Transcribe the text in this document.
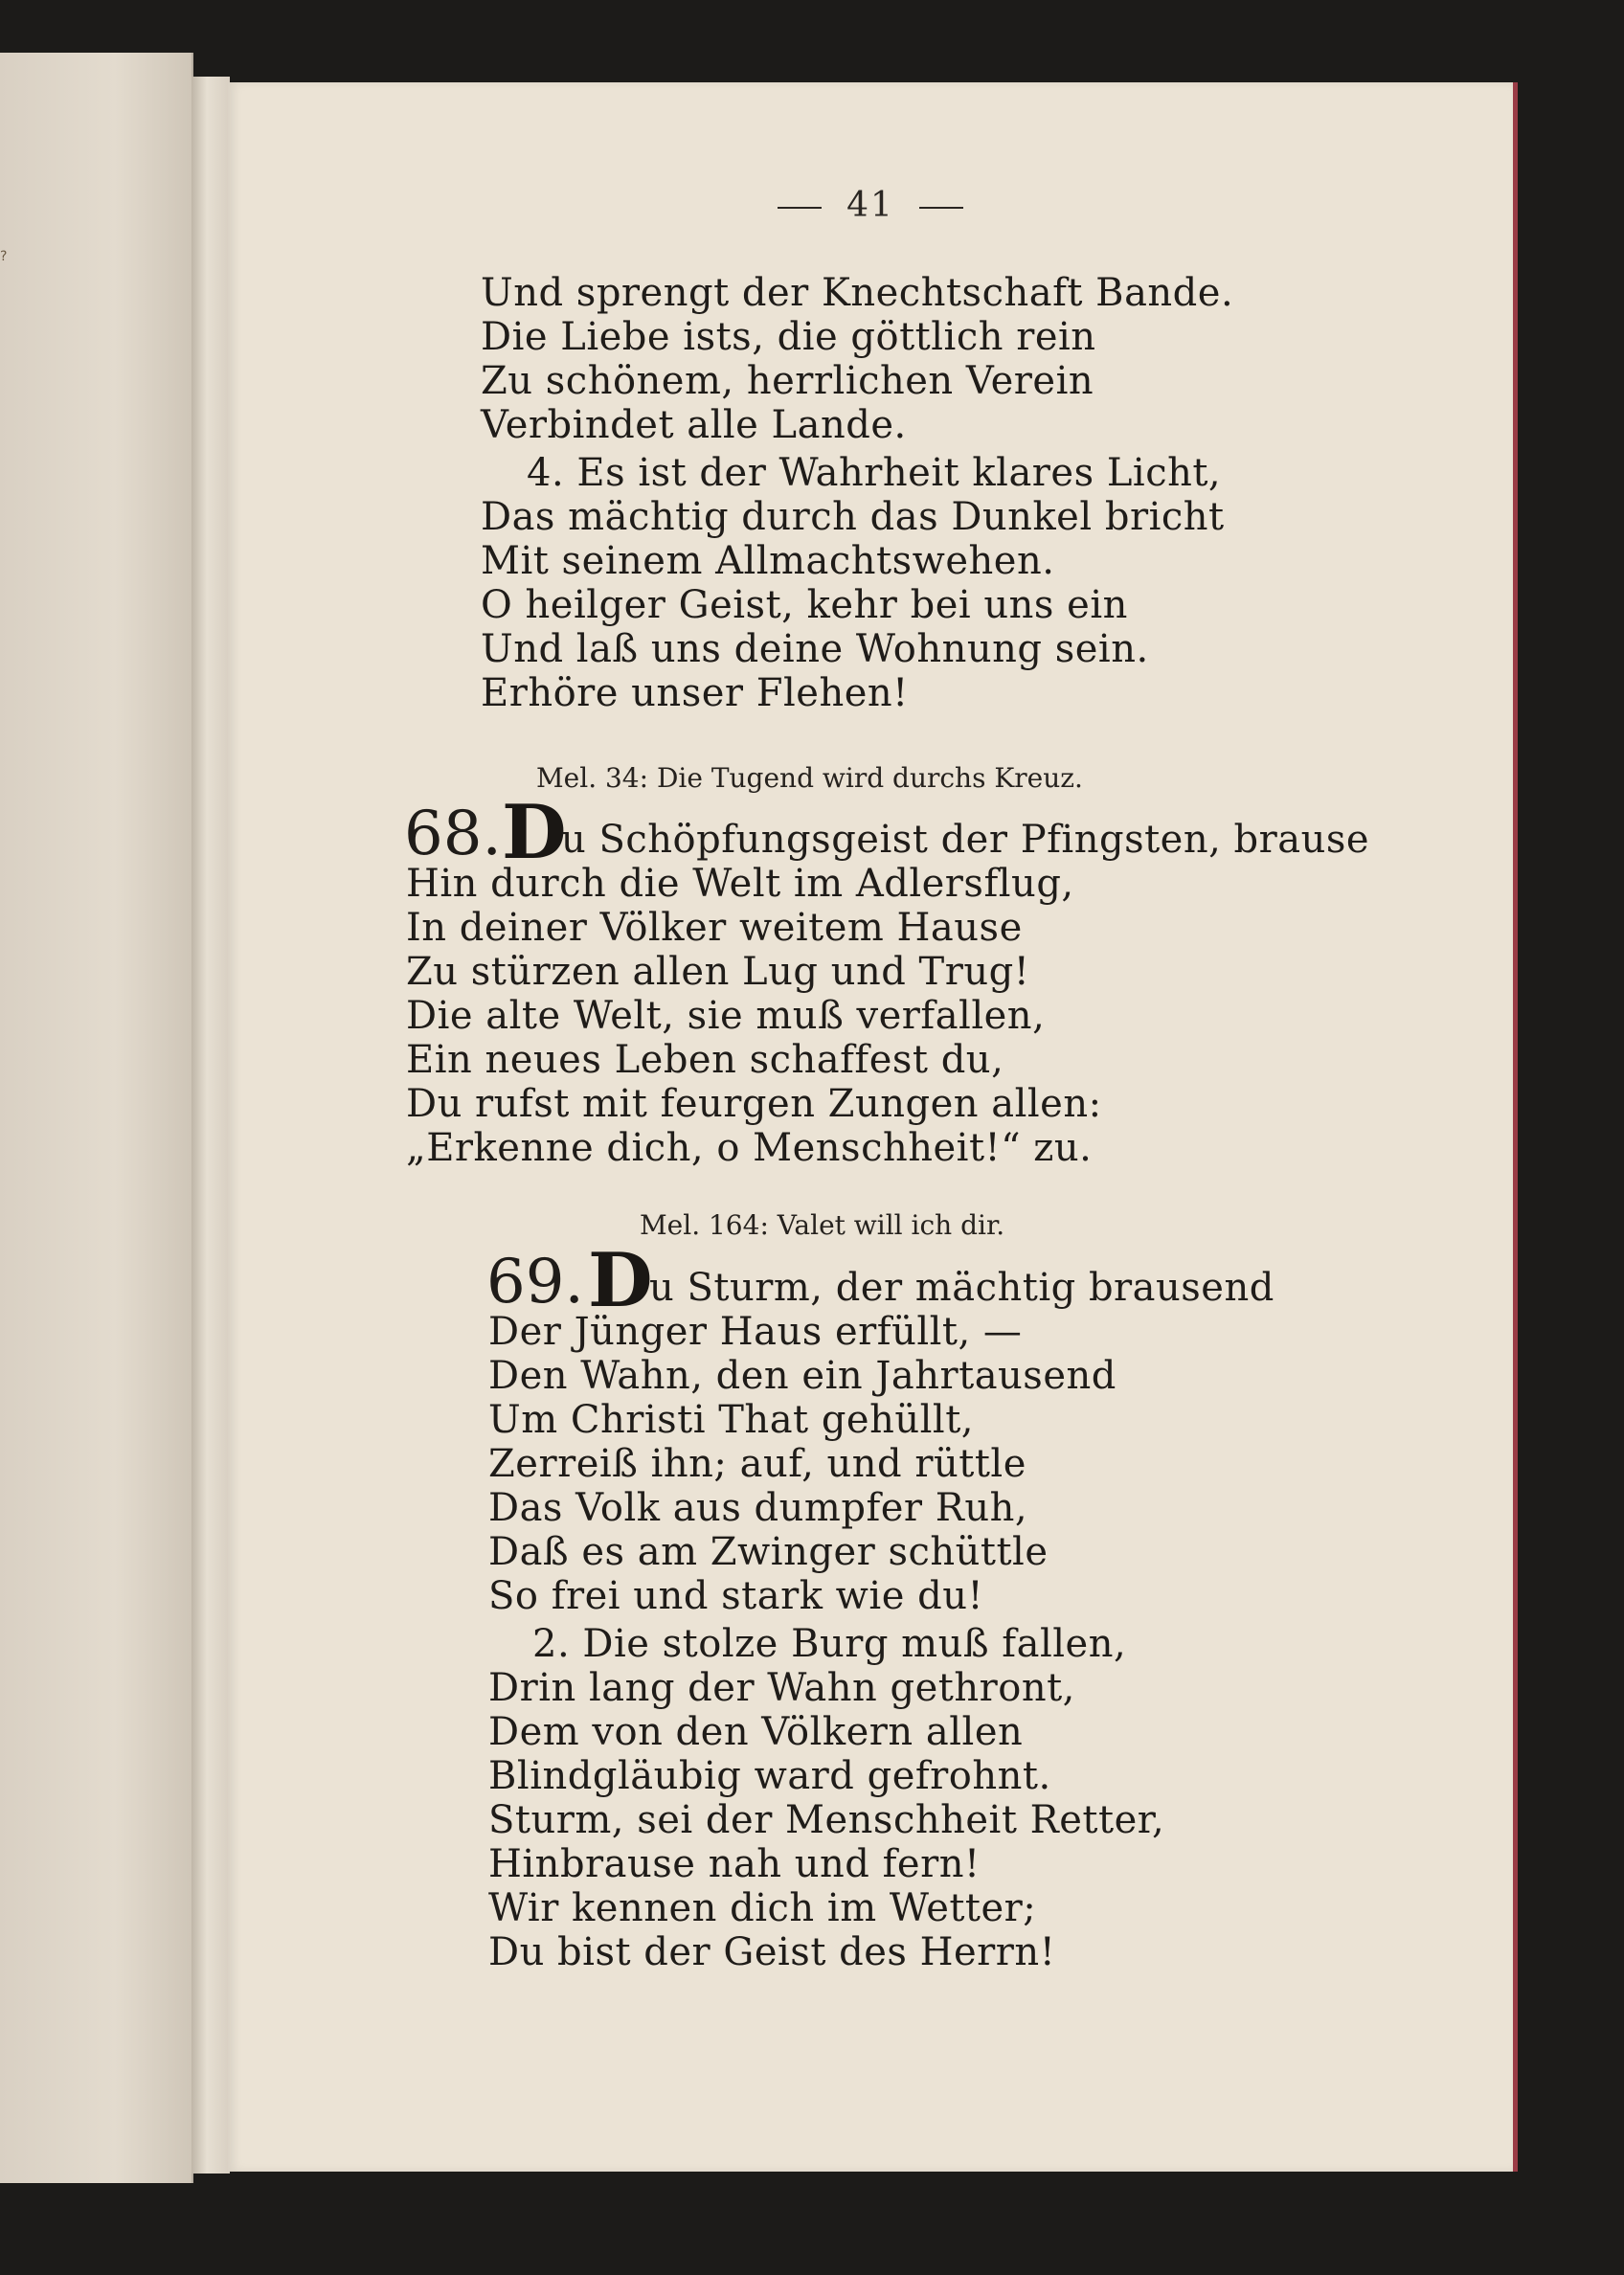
?
41
Und sprengt der Knechtschaft Bande.
Die Liebe ists, die göttlich rein
Zu schönem, herrlichen Verein
Verbindet alle Lande.
4. Es ist der Wahrheit klares Licht,
Das mächtig durch das Dunkel bricht
Mit seinem Allmachtswehen.
O heilger Geist, kehr bei uns ein
Und laß uns deine Wohnung sein.
Erhöre unser Flehen!
Mel. 34: Die Tugend wird durchs Kreuz.
68. D
u Schöpfungsgeist der Pfingsten, brause
Hin durch die Welt im Adlersflug,
In deiner Völker weitem Hause
Zu stürzen allen Lug und Trug!
Die alte Welt, sie muß verfallen,
Ein neues Leben schaffest du,
Du rufst mit feurgen Zungen allen:
„Erkenne dich, o Menschheit!“ zu.
Mel. 164: Valet will ich dir.
69. D
u Sturm, der mächtig brausend
Der Jünger Haus erfüllt, —
Den Wahn, den ein Jahrtausend
Um Christi That gehüllt,
Zerreiß ihn; auf, und rüttle
Das Volk aus dumpfer Ruh,
Daß es am Zwinger schüttle
So frei und stark wie du!
2. Die stolze Burg muß fallen,
Drin lang der Wahn gethront,
Dem von den Völkern allen
Blindgläubig ward gefrohnt.
Sturm, sei der Menschheit Retter,
Hinbrause nah und fern!
Wir kennen dich im Wetter;
Du bist der Geist des Herrn!
